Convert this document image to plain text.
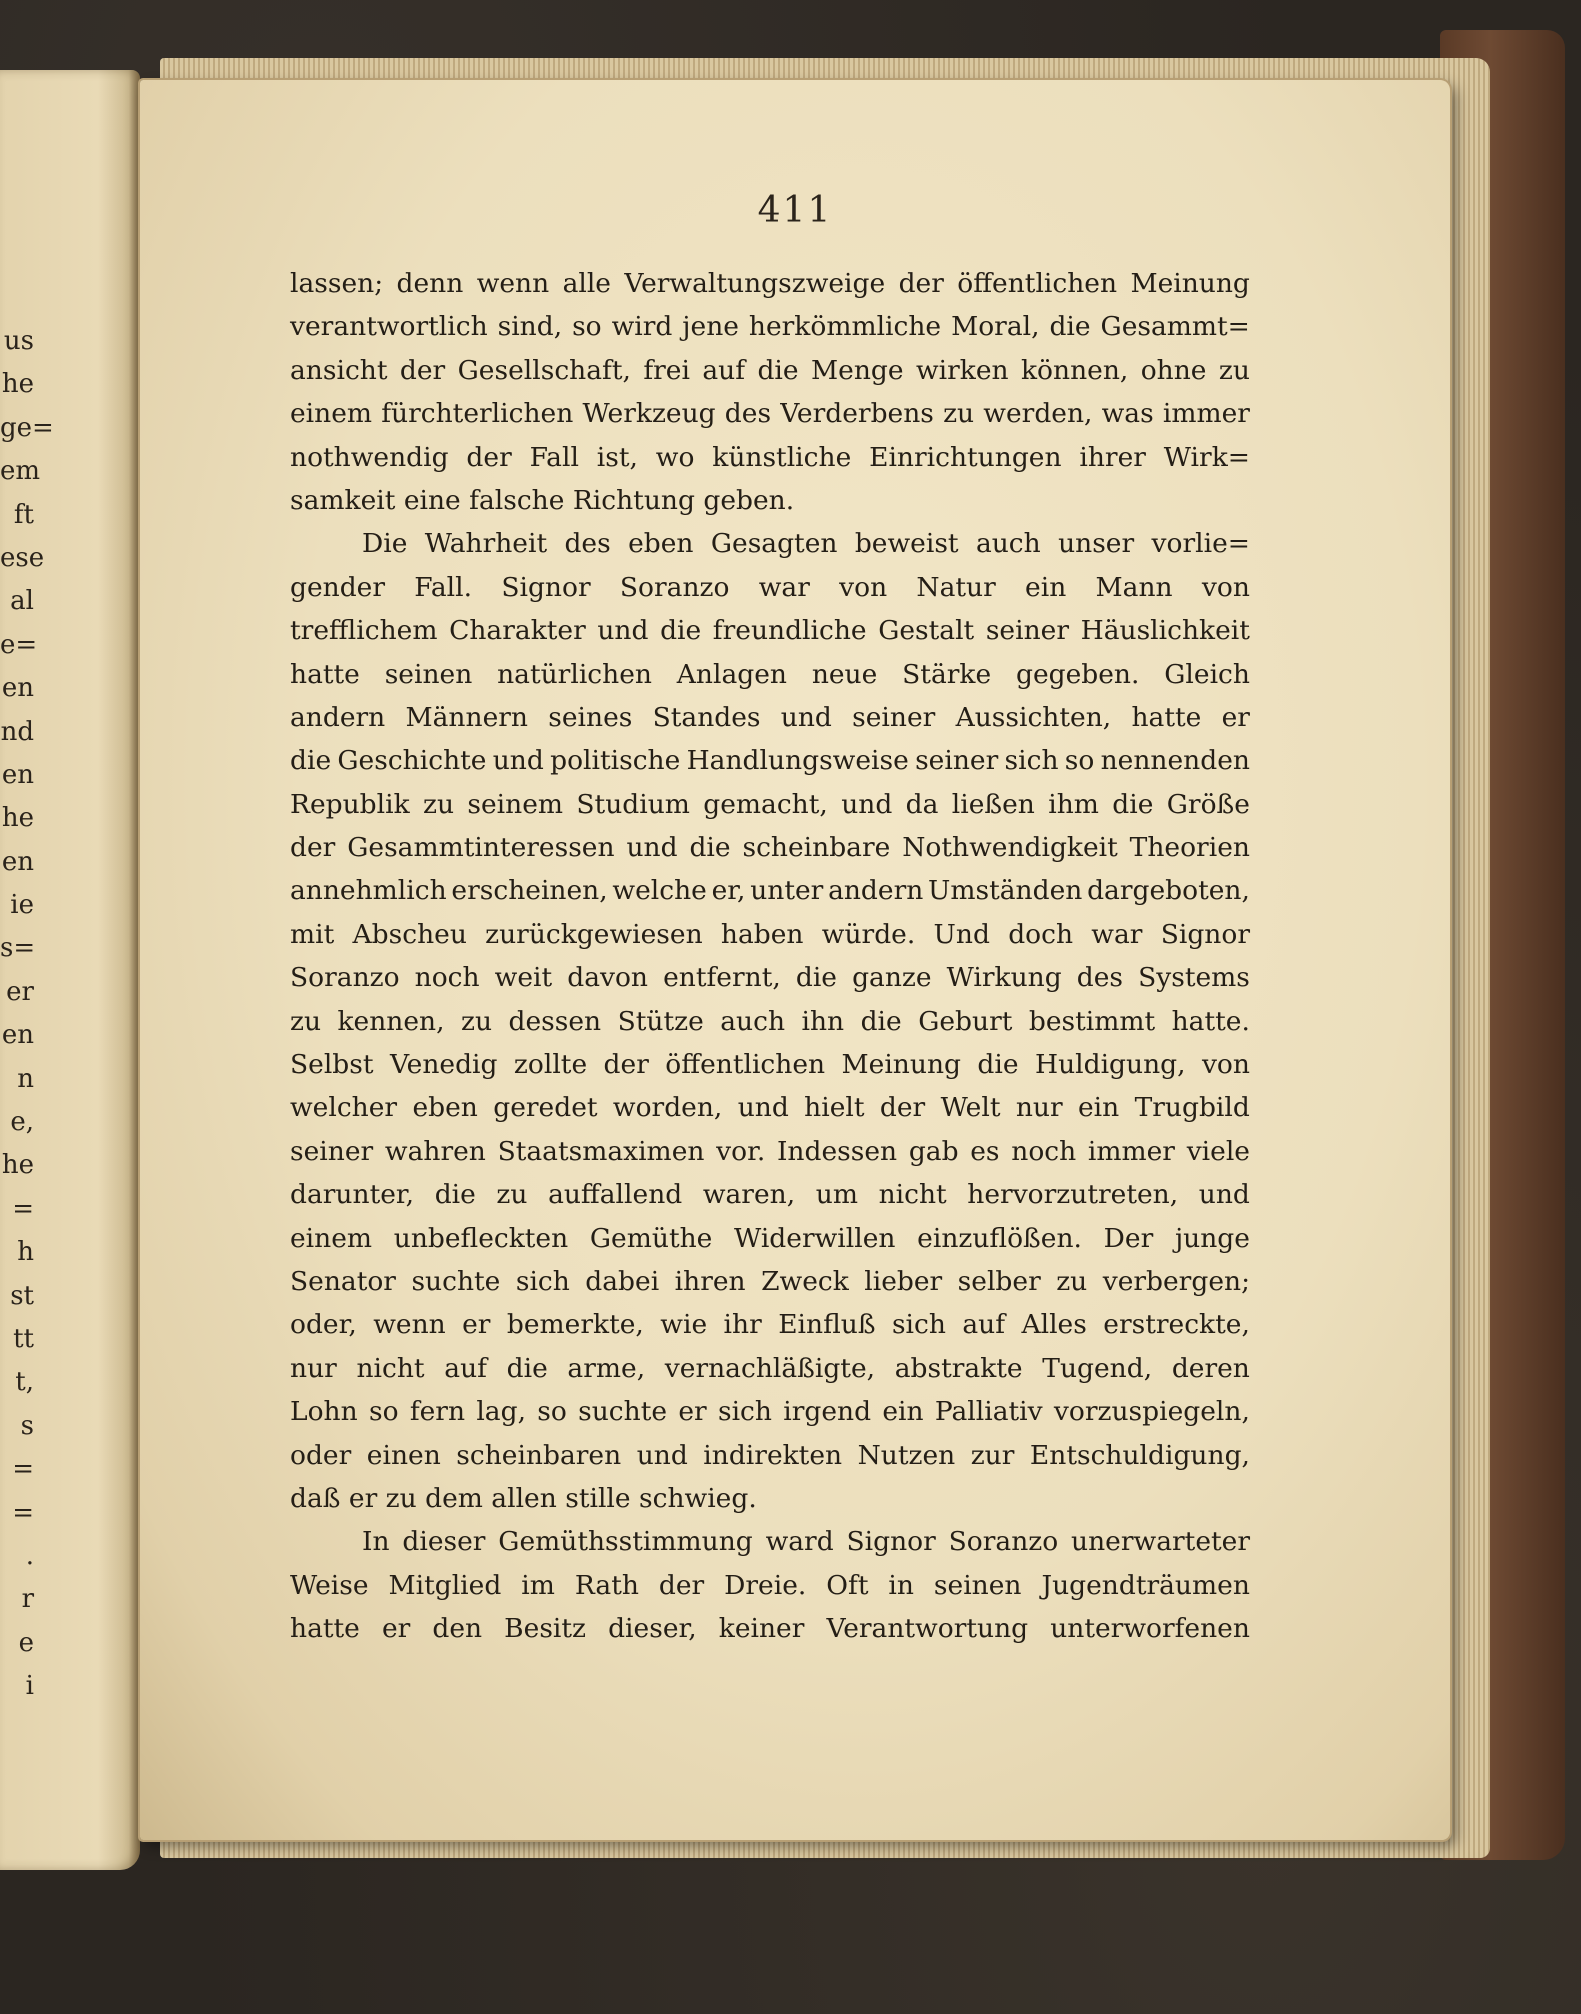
us
he
ge=
em
ft
ese
al
e=
en
nd
en
he
en
ie
s=
er
en
n
e,
he
=
h
st
tt
t,
s
=
=
.
r
e
i
411
lassen; denn wenn alle Verwaltungszweige der öffentlichen Meinung
verantwortlich sind, so wird jene herkömmliche Moral, die Gesammt=
ansicht der Gesellschaft, frei auf die Menge wirken können, ohne zu
einem fürchterlichen Werkzeug des Verderbens zu werden, was immer
nothwendig der Fall ist, wo künstliche Einrichtungen ihrer Wirk=
samkeit eine falsche Richtung geben.
Die Wahrheit des eben Gesagten beweist auch unser vorlie=
gender Fall. Signor Soranzo war von Natur ein Mann von
trefflichem Charakter und die freundliche Gestalt seiner Häuslichkeit
hatte seinen natürlichen Anlagen neue Stärke gegeben. Gleich
andern Männern seines Standes und seiner Aussichten, hatte er
die Geschichte und politische Handlungsweise seiner sich so nennenden
Republik zu seinem Studium gemacht, und da ließen ihm die Größe
der Gesammtinteressen und die scheinbare Nothwendigkeit Theorien
annehmlich erscheinen, welche er, unter andern Umständen dargeboten,
mit Abscheu zurückgewiesen haben würde. Und doch war Signor
Soranzo noch weit davon entfernt, die ganze Wirkung des Systems
zu kennen, zu dessen Stütze auch ihn die Geburt bestimmt hatte.
Selbst Venedig zollte der öffentlichen Meinung die Huldigung, von
welcher eben geredet worden, und hielt der Welt nur ein Trugbild
seiner wahren Staatsmaximen vor. Indessen gab es noch immer viele
darunter, die zu auffallend waren, um nicht hervorzutreten, und
einem unbefleckten Gemüthe Widerwillen einzuflößen. Der junge
Senator suchte sich dabei ihren Zweck lieber selber zu verbergen;
oder, wenn er bemerkte, wie ihr Einfluß sich auf Alles erstreckte,
nur nicht auf die arme, vernachläßigte, abstrakte Tugend, deren
Lohn so fern lag, so suchte er sich irgend ein Palliativ vorzuspiegeln,
oder einen scheinbaren und indirekten Nutzen zur Entschuldigung,
daß er zu dem allen stille schwieg.
In dieser Gemüthsstimmung ward Signor Soranzo unerwarteter
Weise Mitglied im Rath der Dreie. Oft in seinen Jugendträumen
hatte er den Besitz dieser, keiner Verantwortung unterworfenen
